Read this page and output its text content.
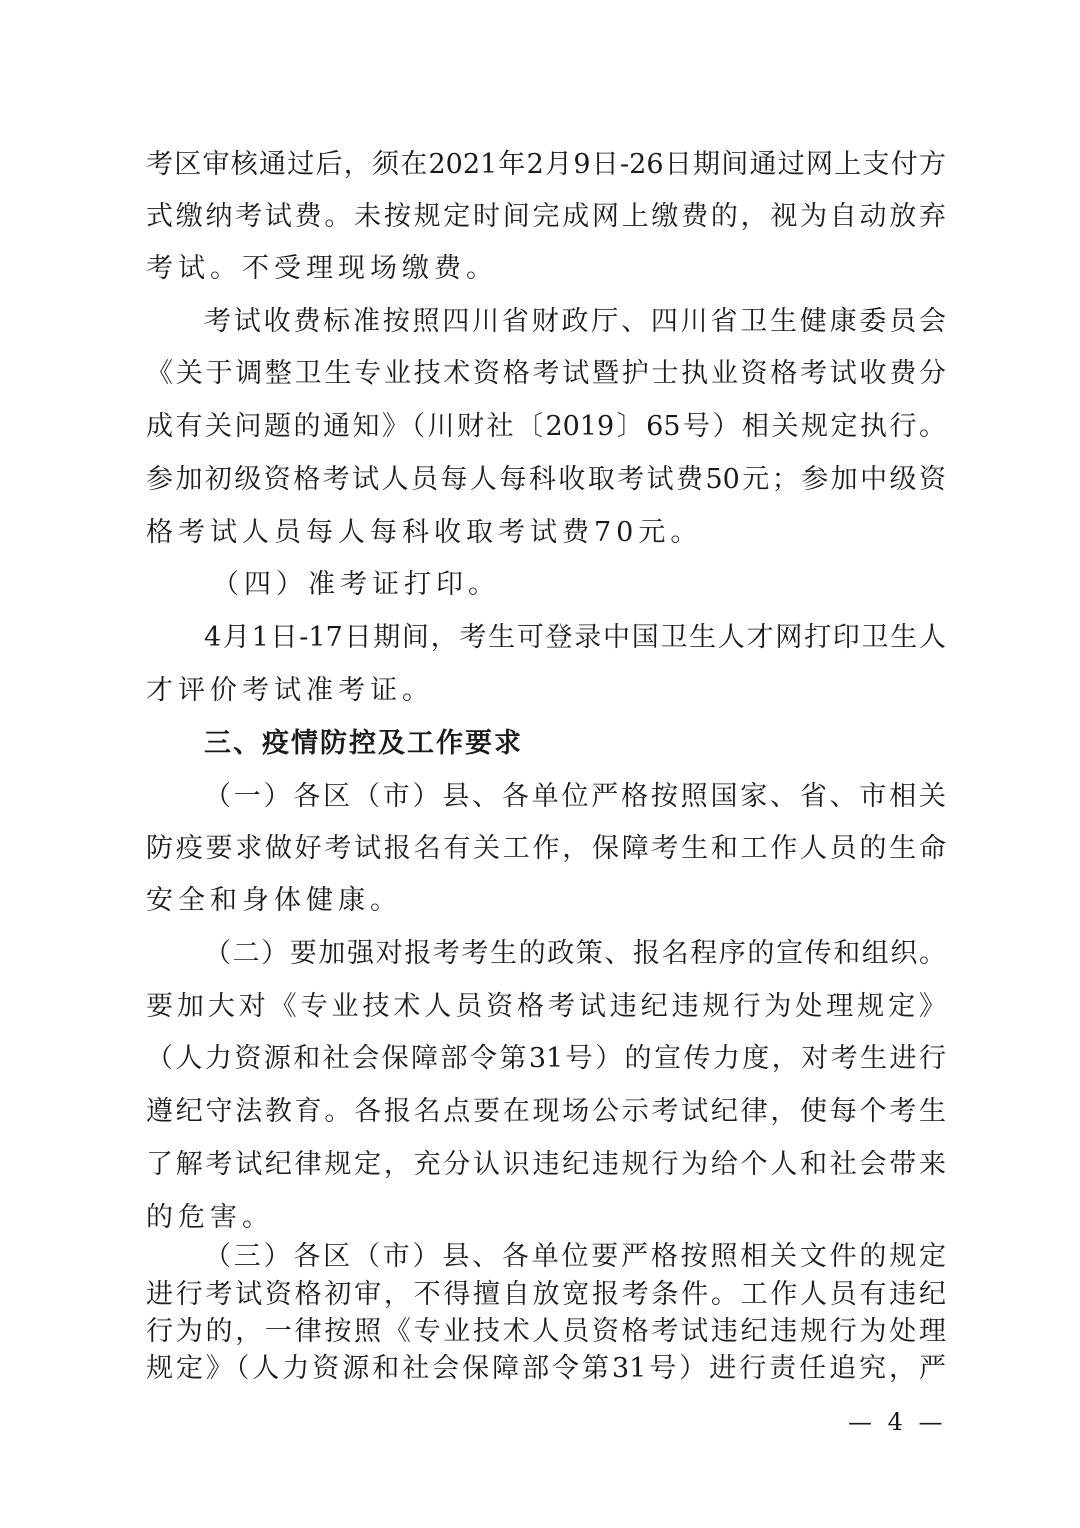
考区审核通过后，须在2021年2月9日-26日期间通过网上支付方
式缴纳考试费。未按规定时间完成网上缴费的，视为自动放弃
考试。不受理现场缴费。
考试收费标准按照四川省财政厅、四川省卫生健康委员会
《关于调整卫生专业技术资格考试暨护士执业资格考试收费分
成有关问题的通知》（川财社〔2019〕65号）相关规定执行。
参加初级资格考试人员每人每科收取考试费50元；参加中级资
格考试人员每人每科收取考试费70元。
（四）准考证打印。
4月1日-17日期间，考生可登录中国卫生人才网打印卫生人
才评价考试准考证。
三、疫情防控及工作要求
（一）各区（市）县、各单位严格按照国家、省、市相关
防疫要求做好考试报名有关工作，保障考生和工作人员的生命
安全和身体健康。
（二）要加强对报考考生的政策、报名程序的宣传和组织。
要加大对《专业技术人员资格考试违纪违规行为处理规定》
（人力资源和社会保障部令第31号）的宣传力度，对考生进行
遵纪守法教育。各报名点要在现场公示考试纪律，使每个考生
了解考试纪律规定，充分认识违纪违规行为给个人和社会带来
的危害。
（三）各区（市）县、各单位要严格按照相关文件的规定
进行考试资格初审，不得擅自放宽报考条件。工作人员有违纪
行为的，一律按照《专业技术人员资格考试违纪违规行为处理
规定》（人力资源和社会保障部令第31号）进行责任追究，严
— 4 —
